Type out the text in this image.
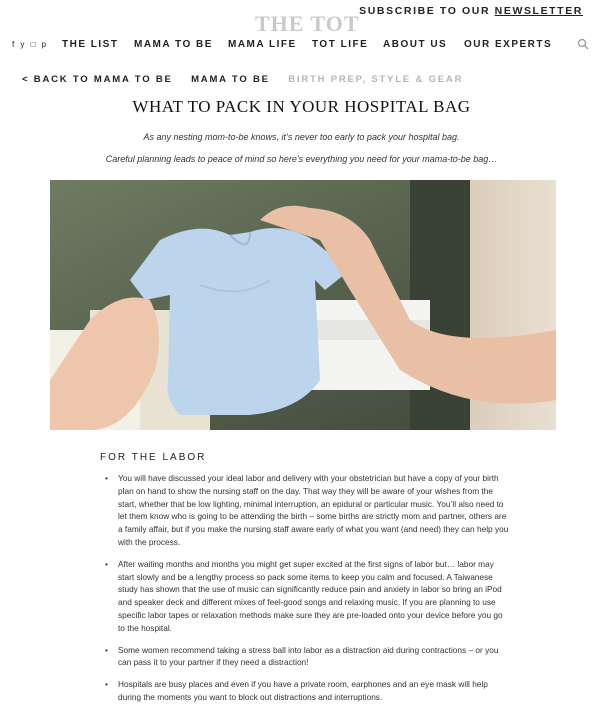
THE TOT SUBSCRIBE TO OUR NEWSLETTER
f  y  □  p THE LIST MAMA TO BE MAMA LIFE TOT LIFE ABOUT US OUR EXPERTS
< BACK TO MAMA TO BE MAMA TO BE BIRTH PREP, STYLE & GEAR
WHAT TO PACK IN YOUR HOSPITAL BAG
As any nesting mom-to-be knows, it’s never too early to pack your hospital bag.
Careful planning leads to peace of mind so here’s everything you need for your mama-to-be bag…
FOR THE LABOR
• You will have discussed your ideal labor and delivery with your obstetrician but have a copy of your birth plan on hand to show the nursing staff on the day. That way they will be aware of your wishes from the start, whether that be low lighting, minimal interruption, an epidural or particular music. You’ll also need to let them know who is going to be attending the birth – some births are strictly mom and partner, others are a family affair, but if you make the nursing staff aware early of what you want (and need) they can help you with the process.
• After waiting months and months you might get super excited at the first signs of labor but… labor may start slowly and be a lengthy process so pack some items to keep you calm and focused. A Taiwanese study has shown that the use of music can significantly reduce pain and anxiety in labor so bring an iPod and speaker deck and different mixes of feel-good songs and relaxing music. If you are planning to use specific labor tapes or relaxation methods make sure they are pre-loaded onto your device before you go to the hospital.
• Some women recommend taking a stress ball into labor as a distraction aid during contractions – or you can pass it to your partner if they need a distraction!
• Hospitals are busy places and even if you have a private room, earphones and an eye mask will help during the moments you want to block out distractions and interruptions.
